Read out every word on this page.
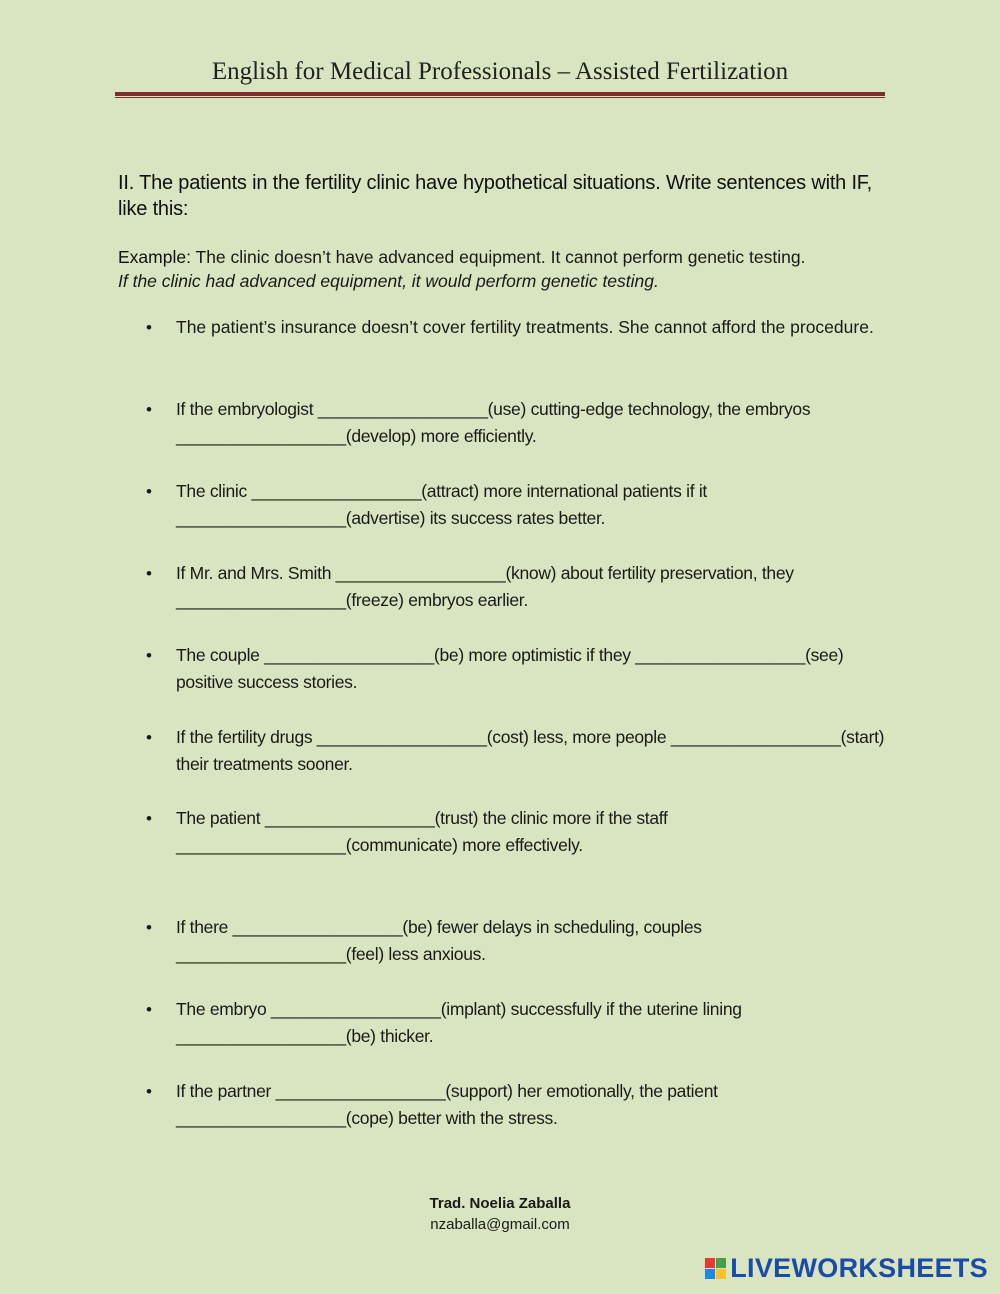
English for Medical Professionals – Assisted Fertilization
II. The patients in the fertility clinic have hypothetical situations. Write sentences with IF, like this:
Example: The clinic doesn’t have advanced equipment. It cannot perform genetic testing.
If the clinic had advanced equipment, it would perform genetic testing.
•	The patient’s insurance doesn’t cover fertility treatments. She cannot afford the procedure.
•	If the embryologist __________________(use) cutting-edge technology, the embryos __________________(develop) more efficiently.
•	The clinic __________________(attract) more international patients if it __________________(advertise) its success rates better.
•	If Mr. and Mrs. Smith __________________(know) about fertility preservation, they __________________(freeze) embryos earlier.
•	The couple __________________(be) more optimistic if they __________________(see) positive success stories.
•	If the fertility drugs __________________(cost) less, more people __________________(start) their treatments sooner.
•	The patient __________________(trust) the clinic more if the staff __________________(communicate) more effectively.
•	If there __________________(be) fewer delays in scheduling, couples __________________(feel) less anxious.
•	The embryo __________________(implant) successfully if the uterine lining __________________(be) thicker.
•	If the partner __________________(support) her emotionally, the patient __________________(cope) better with the stress.
Trad. Noelia Zaballa
nzaballa@gmail.com
LIVEWORKSHEETS
